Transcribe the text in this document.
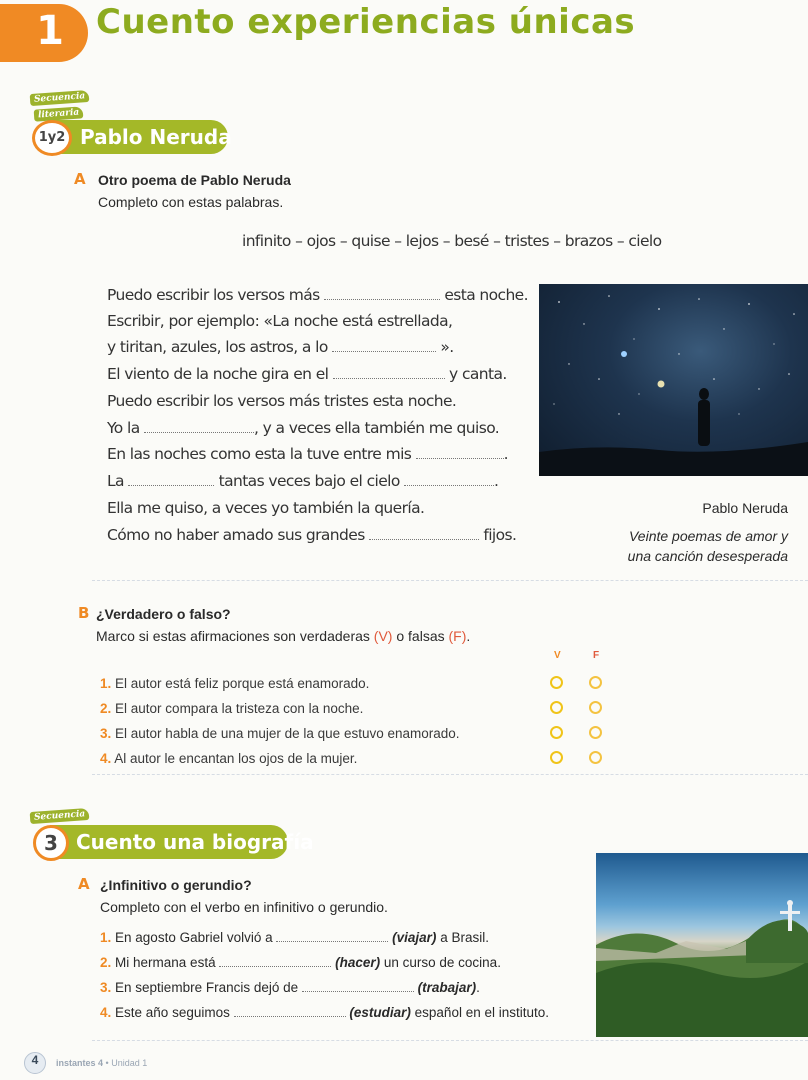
1 Cuento experiencias únicas
Secuencia
literaria
1y2 Pablo Neruda
A Otro poema de Pablo Neruda
Completo con estas palabras.
infinito – ojos – quise – lejos – besé – tristes – brazos – cielo
Puedo escribir los versos más	esta noche.
Escribir, por ejemplo: «La noche está estrellada,
y tiritan, azules, los astros, a lo	».
El viento de la noche gira en el	y canta.
Puedo escribir los versos más tristes esta noche.
Yo la	, y a veces ella también me quiso.
En las noches como esta la tuve entre mis	.
La	tantas veces bajo el cielo	.
Ella me quiso, a veces yo también la quería.
Cómo no haber amado sus grandes	fijos.
Pablo Neruda
Veinte poemas de amor y
una canción desesperada
B ¿Verdadero o falso?
Marco si estas afirmaciones son verdaderas (V) o falsas (F).
V	F
1. El autor está feliz porque está enamorado.
2. El autor compara la tristeza con la noche.
3. El autor habla de una mujer de la que estuvo enamorado.
4. Al autor le encantan los ojos de la mujer.
Secuencia
3 Cuento una biografía
A ¿Infinitivo o gerundio?
Completo con el verbo en infinitivo o gerundio.
1. En agosto Gabriel volvió a	(viajar) a Brasil.
2. Mi hermana está	(hacer) un curso de cocina.
3. En septiembre Francis dejó de	(trabajar).
4. Este año seguimos	(estudiar) español en el instituto.
4	instantes 4 • Unidad 1
